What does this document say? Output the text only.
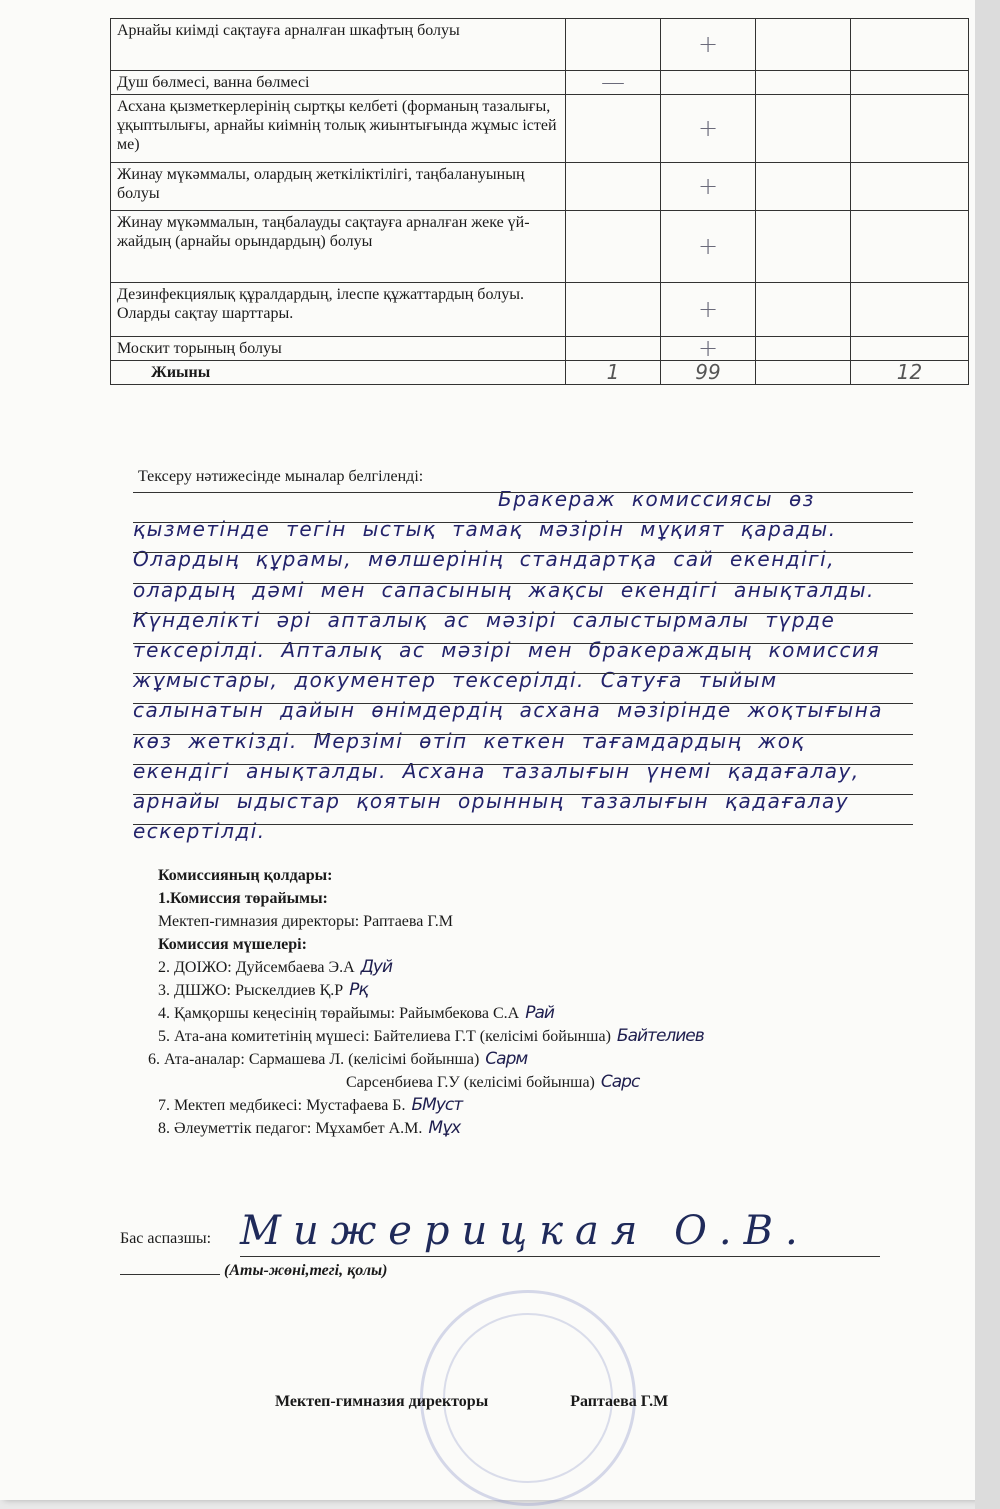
Арнайы киімді сақтауға арналған шкафтың болуы		+		
Душ бөлмесі, ванна бөлмесі	—			
Асхана қызметкерлерінің сыртқы келбеті (форманың тазалығы, ұқыптылығы, арнайы киімнің толық жиынтығында жұмыс істей ме)		+		
Жинау мүкәммалы, олардың жеткіліктілігі, таңбалануының болуы		+		
Жинау мүкәммалын, таңбалауды сақтауға арналған жеке үй-жайдың (арнайы орындардың) болуы		+		
Дезинфекциялық құралдардың, ілеспе құжаттардың болуы. Оларды сақтау шарттары.		+		
Москит торының болуы		+		
Жиыны	1	99		12
Тексеру нәтижесінде мыналар белгіленді:
Бракераж комиссиясы өз қызметінде тегін ыстық тамақ мәзірін мұқият қарады. Олардың құрамы, мөлшерінің стандартқа сай екендігі, олардың дәмі мен сапасының жақсы екендігі анықталды. Күнделікті әрі апталық ас мәзірі салыстырмалы түрде тексерілді. Апталық ас мәзірі мен бракераждың комиссия жұмыстары, документер тексерілді. Сатуға тыйым салынатын дайын өнімдердің асхана мәзірінде жоқтығына көз жеткізді. Мерзімі өтіп кеткен тағамдардың жоқ екендігі анықталды. Асхана тазалығын үнемі қадағалау, арнайы ыдыстар қоятын орынның тазалығын қадағалау ескертілді.
Комиссияның қолдары:
1.Комиссия төрайымы:
Мектеп-гимназия директоры: Раптаева Г.М
Комиссия мүшелері:
2. ДОІЖО: Дуйсембаева Э.А Дуй
3. ДШЖО: Рыскелдиев Қ.Р Рқ
4. Қамқоршы кеңесінің төрайымы: Райымбекова С.А Рай
5. Ата-ана комитетінің мүшесі: Байтелиева Г.Т (келісімі бойынша) Байтелиев
6. Ата-аналар: Сармашева Л. (келісімі бойынша) Сарм
Сарсенбиева Г.У (келісімі бойынша) Сарс
7. Мектеп медбикесі: Мустафаева Б. БМуст
8. Әлеуметтік педагог: Мұхамбет А.М. Мұх
Бас аспазшы: Мижерицкая О.В.
(Аты-жөні,тегі, қолы)
Мектеп-гимназия директоры	Раптаева Г.М
